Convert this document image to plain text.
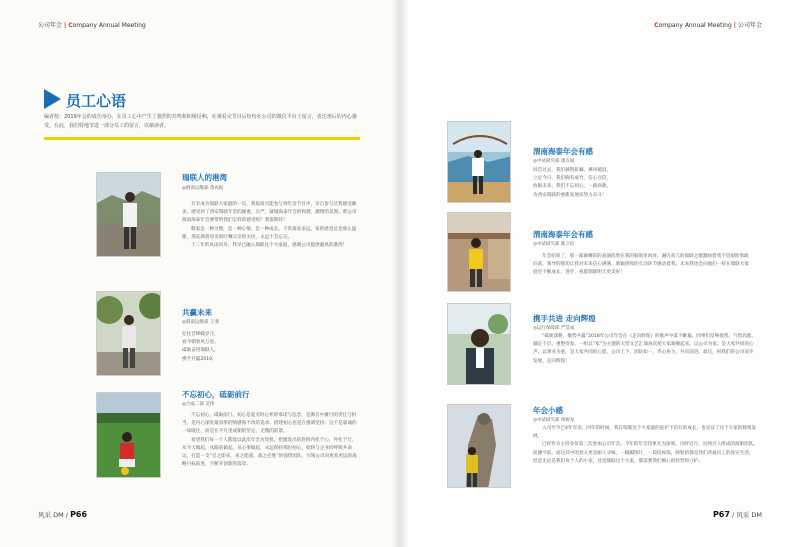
公司年会 | Company Annual Meeting
员工心语
编者按：2019年会的成功举办，在员工心中产生了强烈的共鸣和积极反响，在观看完节目后纷纷在公司的微信平台上留言，表达观后的内心感受。在此，我们特地节选一部分员工的留言，以飨读者。
瑞联人的港湾
◎渭南运维部 余农振

有幸成为瑞联大家庭的一员，我很高兴能参与到年会节目中，亲自参与过我感受颇多，感受到了西安瑞联年会的隆重、庄严、蒲城海泰年会的和谐、激情的氛围。那公司渭南海泰年会要带给我们怎样的感受呢？我很期待！

憨家是一种习惯，是一种心情，是一种成长，不管离家多远，家的感觉总是那么温暖，那充满着母亲的叮嘱父亲的关切，永远不会忘记。

十二年的风雨同舟，我早已融入瑞联这个大家庭，感谢公司提供避风的港湾！

共赢未来
◎渭南运维部 王斐

忆往昔峥嵘岁月，

看今朝春风万里。

砥砺奋进瑞联人，

携手共赢2019。

不忘初心，砥砺前行
◎合成二部 吴伟

不忘初心，砥砺前行。初心是起点时心怀的承诺与信念，是源自中庸行的责任与担当，是内心深处最真挚的情感和不改的追求。搭建初心也是在强调坚持；这不是靠诵的一如既往，而是在平凡里或朝的坚定。无愧的前景。

希望我们每一个人都能以此次年会为契机，把激发出的热情内化于心、外化于行，从今天做起，从眼前做起，从心事做起，永远保持那份初心，始终与企业同呼吸共命运，打造一支“召之即来，来之能战，战之必胜”的强悍团队，引领公司向更高更远的战略目标前进，不断开创新的篇章。

风采 DM / P66
Company Annual Meeting | 公司年会
渭南海泰年会有感
◎中试研究部 康友斌

回首过去，我们披荆斩棘，乘风破浪，

立足今日，我们胸有成竹，信心百倍，

放眼未来，我们不忘初心，一路高歌。

为西安瑞联的重新发展而努力奋斗！

渭南海泰年会有感
◎中试研究部 陈立培

年会结束了，那一幕幕精彩的表演依然在我的脑海里回放。遍历高亢的瑞联之歌激励着我不畏艰险勇敢向前，领导的殷切让我对未来信心满满，新颖别致的互动环节感动着我。未来我也会向他们一样在瑞联大家庭里不断成长、进步，祝愿瑞联明天更美好！

携手共进 走向辉煌
◎运行保障部 严昊成

“砥砺深耕，聚势共赢”2018年公司年会在《走向辉煌》的歌声中落下帷幕。同事们反响很烈、气势高涨，踊定千层、重整待发。一组以“家”为主题的大型文艺汇演再次把大家凝聚起来。以公司为家，是大家共同的心声，以事业为重，是大家共同的心愿。公司上下，团结如一，齐心协力，共向前进。最后，祝我们的公司前步发展，走向辉煌！

年会小感
◎中试研究部 周树龙

入司至今已4年有余，四年的时间，我在瑞联这个大家庭的庇护下茁壮的成长，也见证了这个大家的辉煌发展。

已经作为主持身份第三次参加公司年会。今年的年会印象尤为深刻，历时近月，近两百人组成的演职团队，前操空前。而这其中的意义更是耐人寻味，一幅幅图片，一段段视频，映射的都是我们普通员工的真实生活，但是无论是我们每个人的小家，还是瑞联这个大家，都需要我们细心的经营和守护。

P67 / 风采 DM
